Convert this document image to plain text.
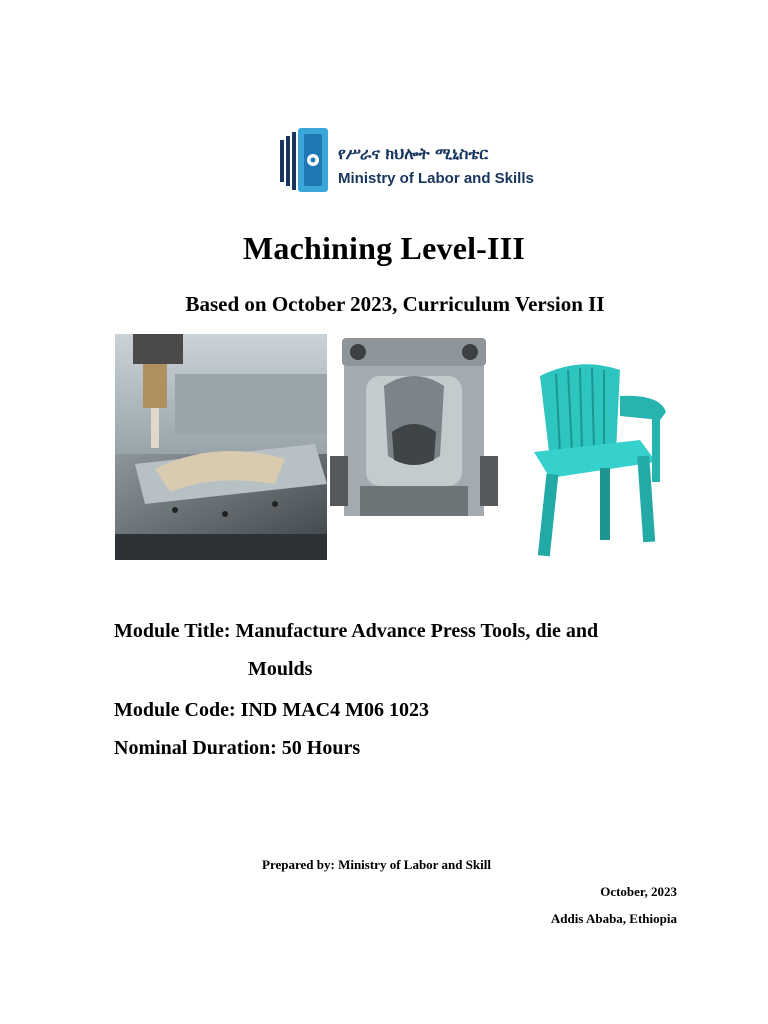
የሥራና ክህሎት ሚኒስቴር
Ministry of Labor and Skills
Machining Level-III
Based on October 2023, Curriculum Version II
Module Title: Manufacture Advance Press Tools, die and
Moulds
Module Code: IND MAC4 M06 1023
Nominal Duration: 50 Hours
Prepared by: Ministry of Labor and Skill
October, 2023
Addis Ababa, Ethiopia
